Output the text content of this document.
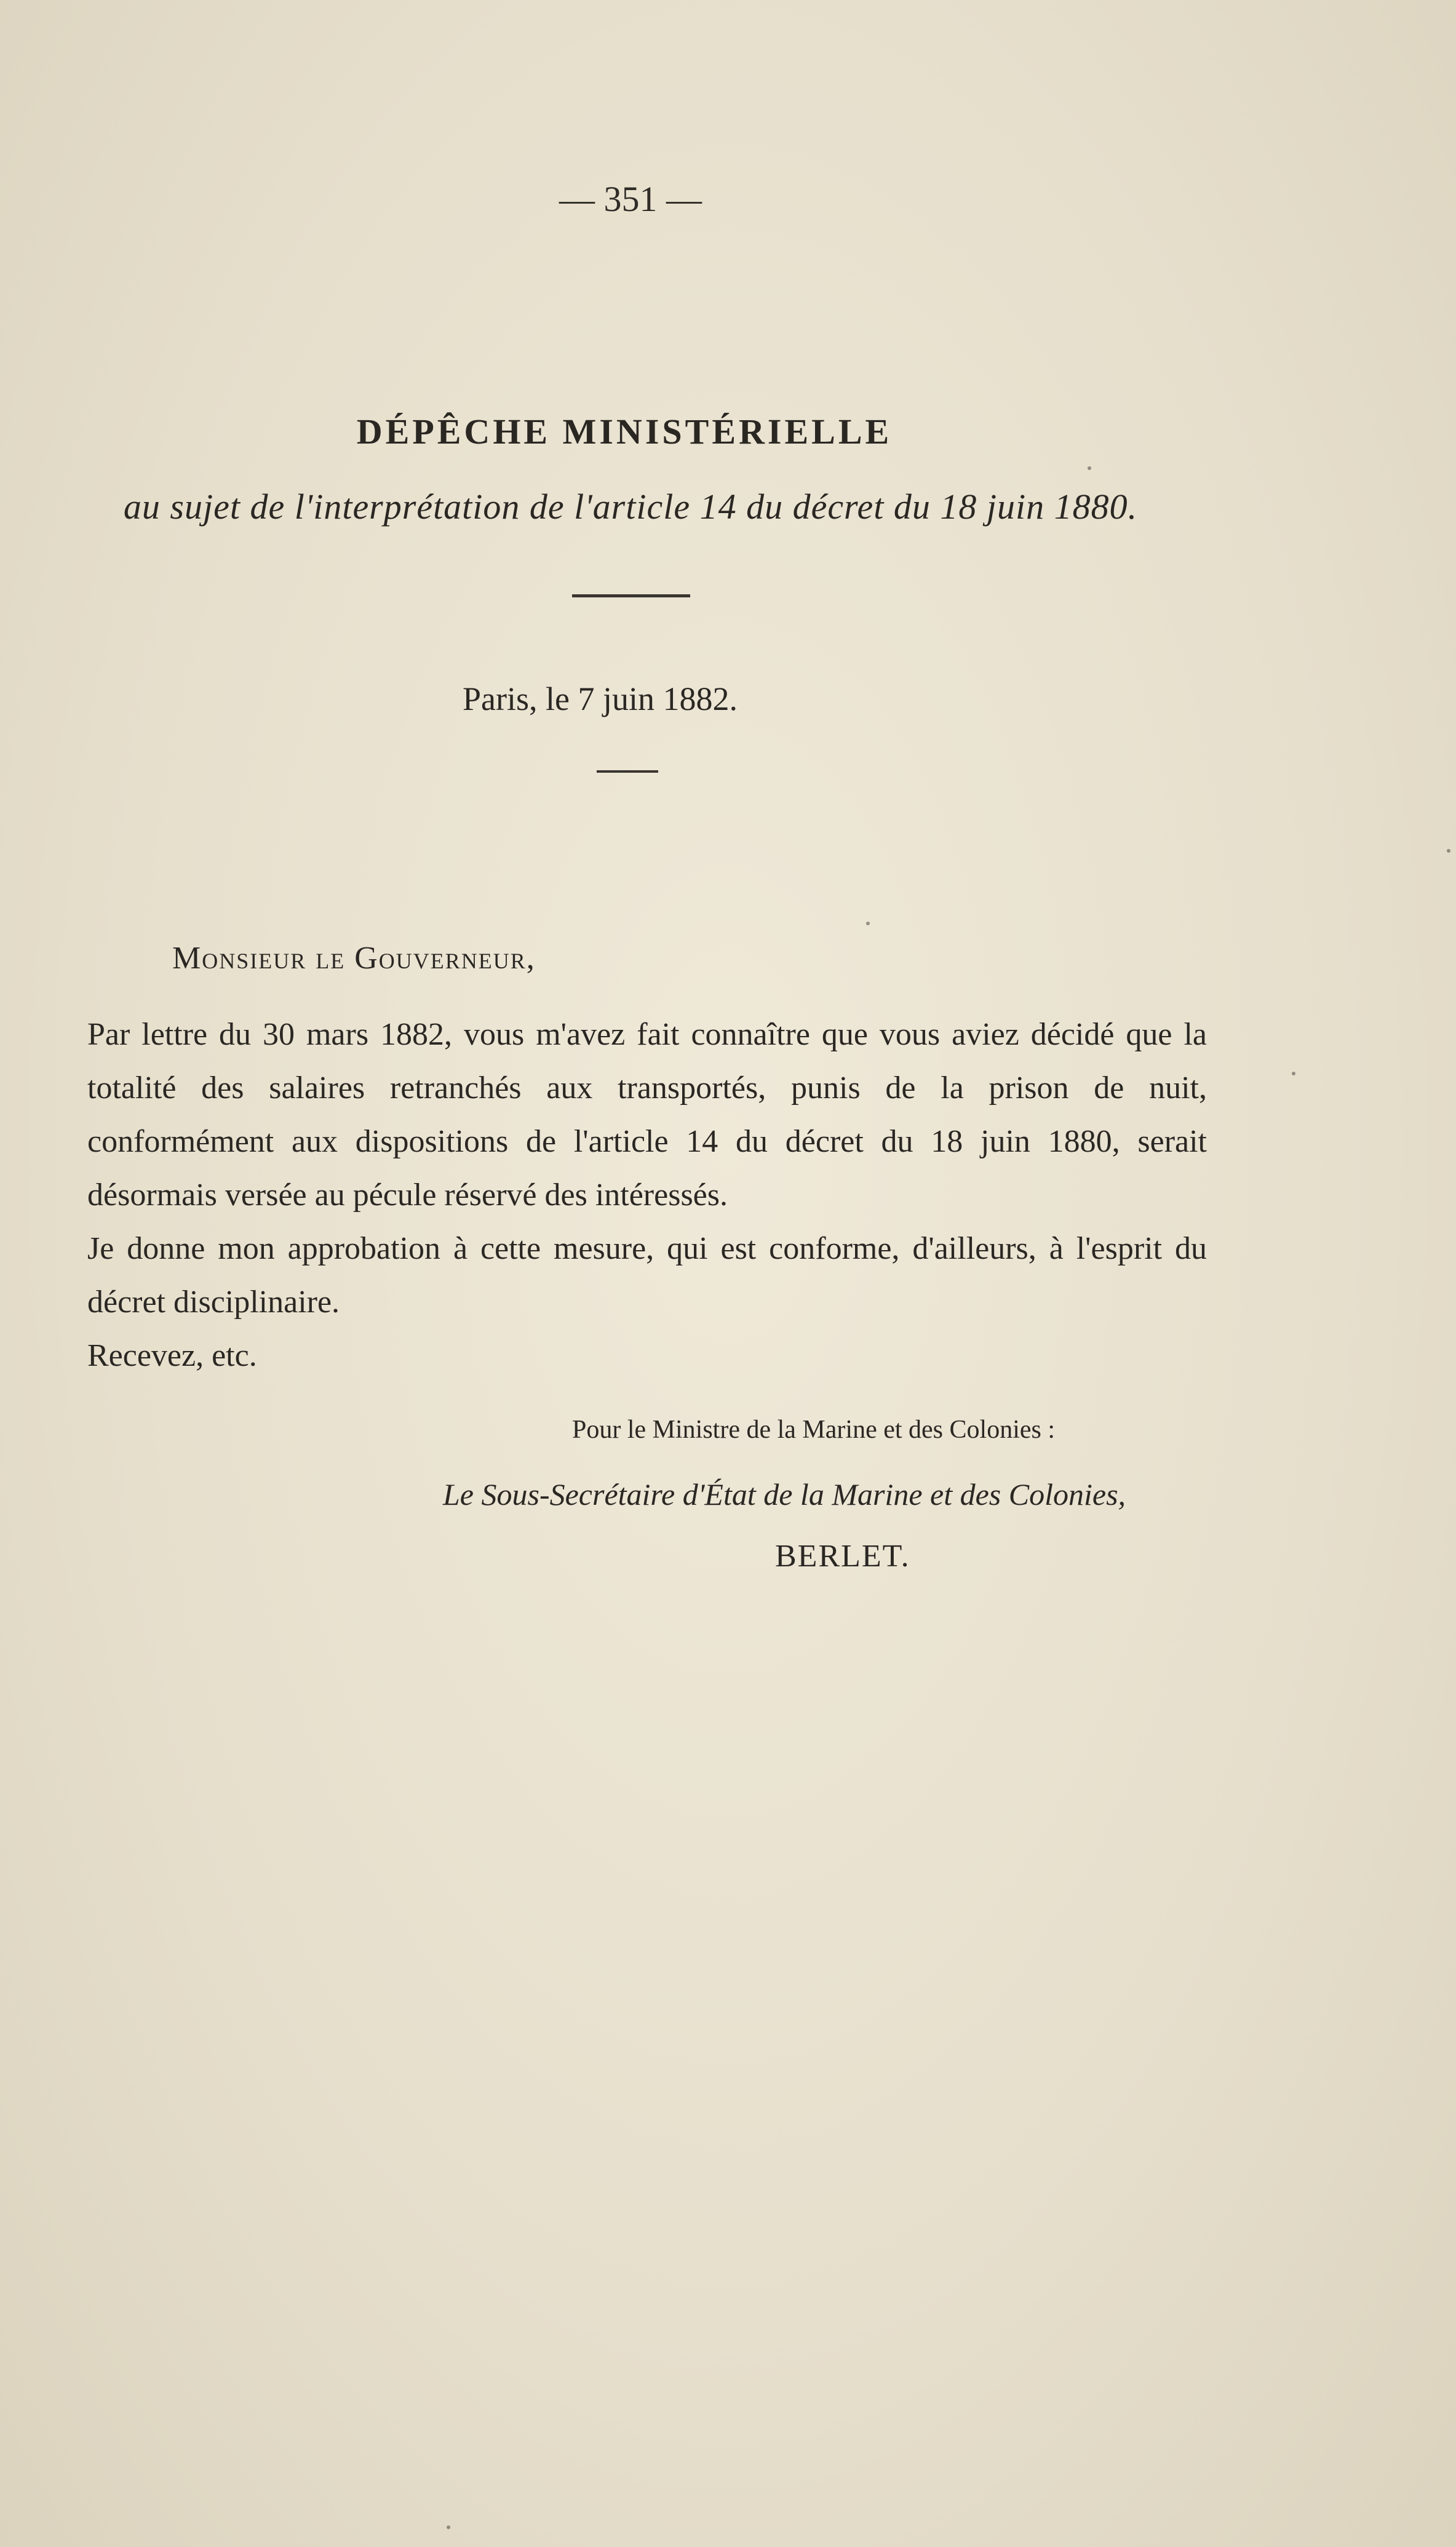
— 351 —
DÉPÊCHE MINISTÉRIELLE
au sujet de l'interprétation de l'article 14 du décret du 18 juin 1880.
Paris, le 7 juin 1882.
Monsieur le Gouverneur,

Par lettre du 30 mars 1882, vous m'avez fait connaître que vous aviez décidé que la totalité des salaires retranchés aux transportés, punis de la prison de nuit, conformément aux dispositions de l'article 14 du décret du 18 juin 1880, serait désormais versée au pécule réservé des intéressés.

Je donne mon approbation à cette mesure, qui est conforme, d'ailleurs, à l'esprit du décret disciplinaire.

Recevez, etc.

Pour le Ministre de la Marine et des Colonies :
Le Sous-Secrétaire d'État de la Marine et des Colonies,
BERLET.
